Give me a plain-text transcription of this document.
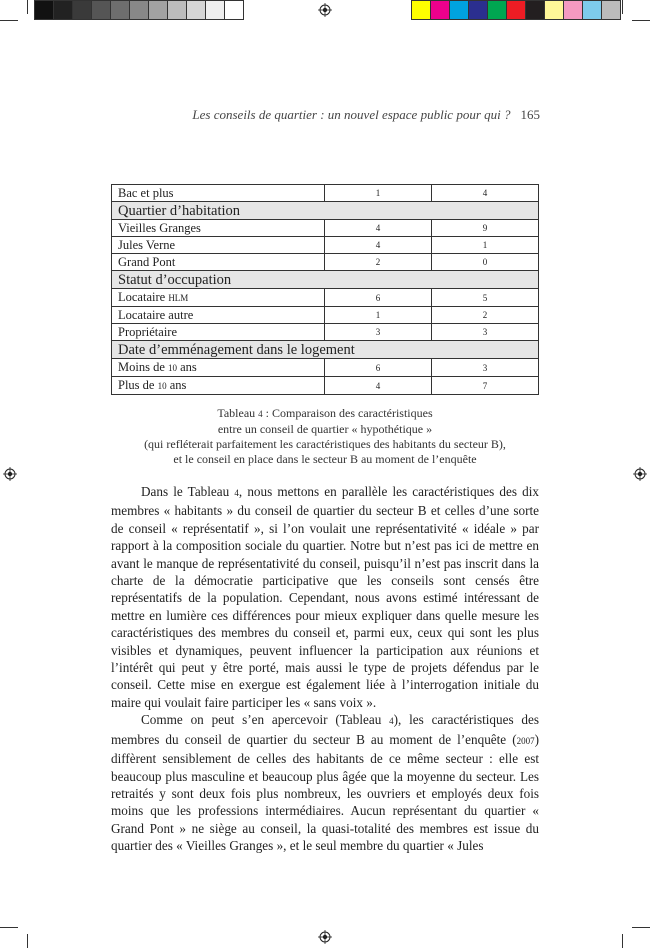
Les conseils de quartier : un nouvel espace public pour qui ? 165
Bac et plus	1	4
Quartier d’habitation		
Vieilles Granges	4	9
Jules Verne	4	1
Grand Pont	2	0
Statut d’occupation		
Locataire HLM	6	5
Locataire autre	1	2
Propriétaire	3	3
Date d’emménagement dans le logement		
Moins de 10 ans	6	3
Plus de 10 ans	4	7
Tableau 4 : Comparaison des caractéristiques
entre un conseil de quartier « hypothétique »
(qui refléterait parfaitement les caractéristiques des habitants du secteur B),
et le conseil en place dans le secteur B au moment de l’enquête

Dans le Tableau 4, nous mettons en parallèle les caractéristiques des dix membres « habitants » du conseil de quartier du secteur B et celles d’une sorte de conseil « représentatif », si l’on voulait une représentativité « idéale » par rapport à la composition sociale du quartier. Notre but n’est pas ici de mettre en avant le manque de représentativité du conseil, puisqu’il n’est pas inscrit dans la charte de la démocratie participative que les conseils sont censés être représentatifs de la population. Cependant, nous avons estimé intéressant de mettre en lumière ces différences pour mieux expliquer dans quelle mesure les caractéristiques des membres du conseil et, parmi eux, ceux qui sont les plus visibles et dynamiques, peuvent influencer la participation aux réunions et l’intérêt qui peut y être porté, mais aussi le type de projets défendus par le conseil. Cette mise en exergue est également liée à l’interrogation initiale du maire qui voulait faire participer les « sans voix ».

Comme on peut s’en apercevoir (Tableau 4), les caractéristiques des membres du conseil de quartier du secteur B au moment de l’enquête (2007) diffèrent sensiblement de celles des habitants de ce même secteur : elle est beaucoup plus masculine et beaucoup plus âgée que la moyenne du secteur. Les retraités y sont deux fois plus nombreux, les ouvriers et employés deux fois moins que les professions intermédiaires. Aucun représentant du quartier « Grand Pont » ne siège au conseil, la quasi-totalité des membres est issue du quartier des « Vieilles Granges », et le seul membre du quartier « Jules
